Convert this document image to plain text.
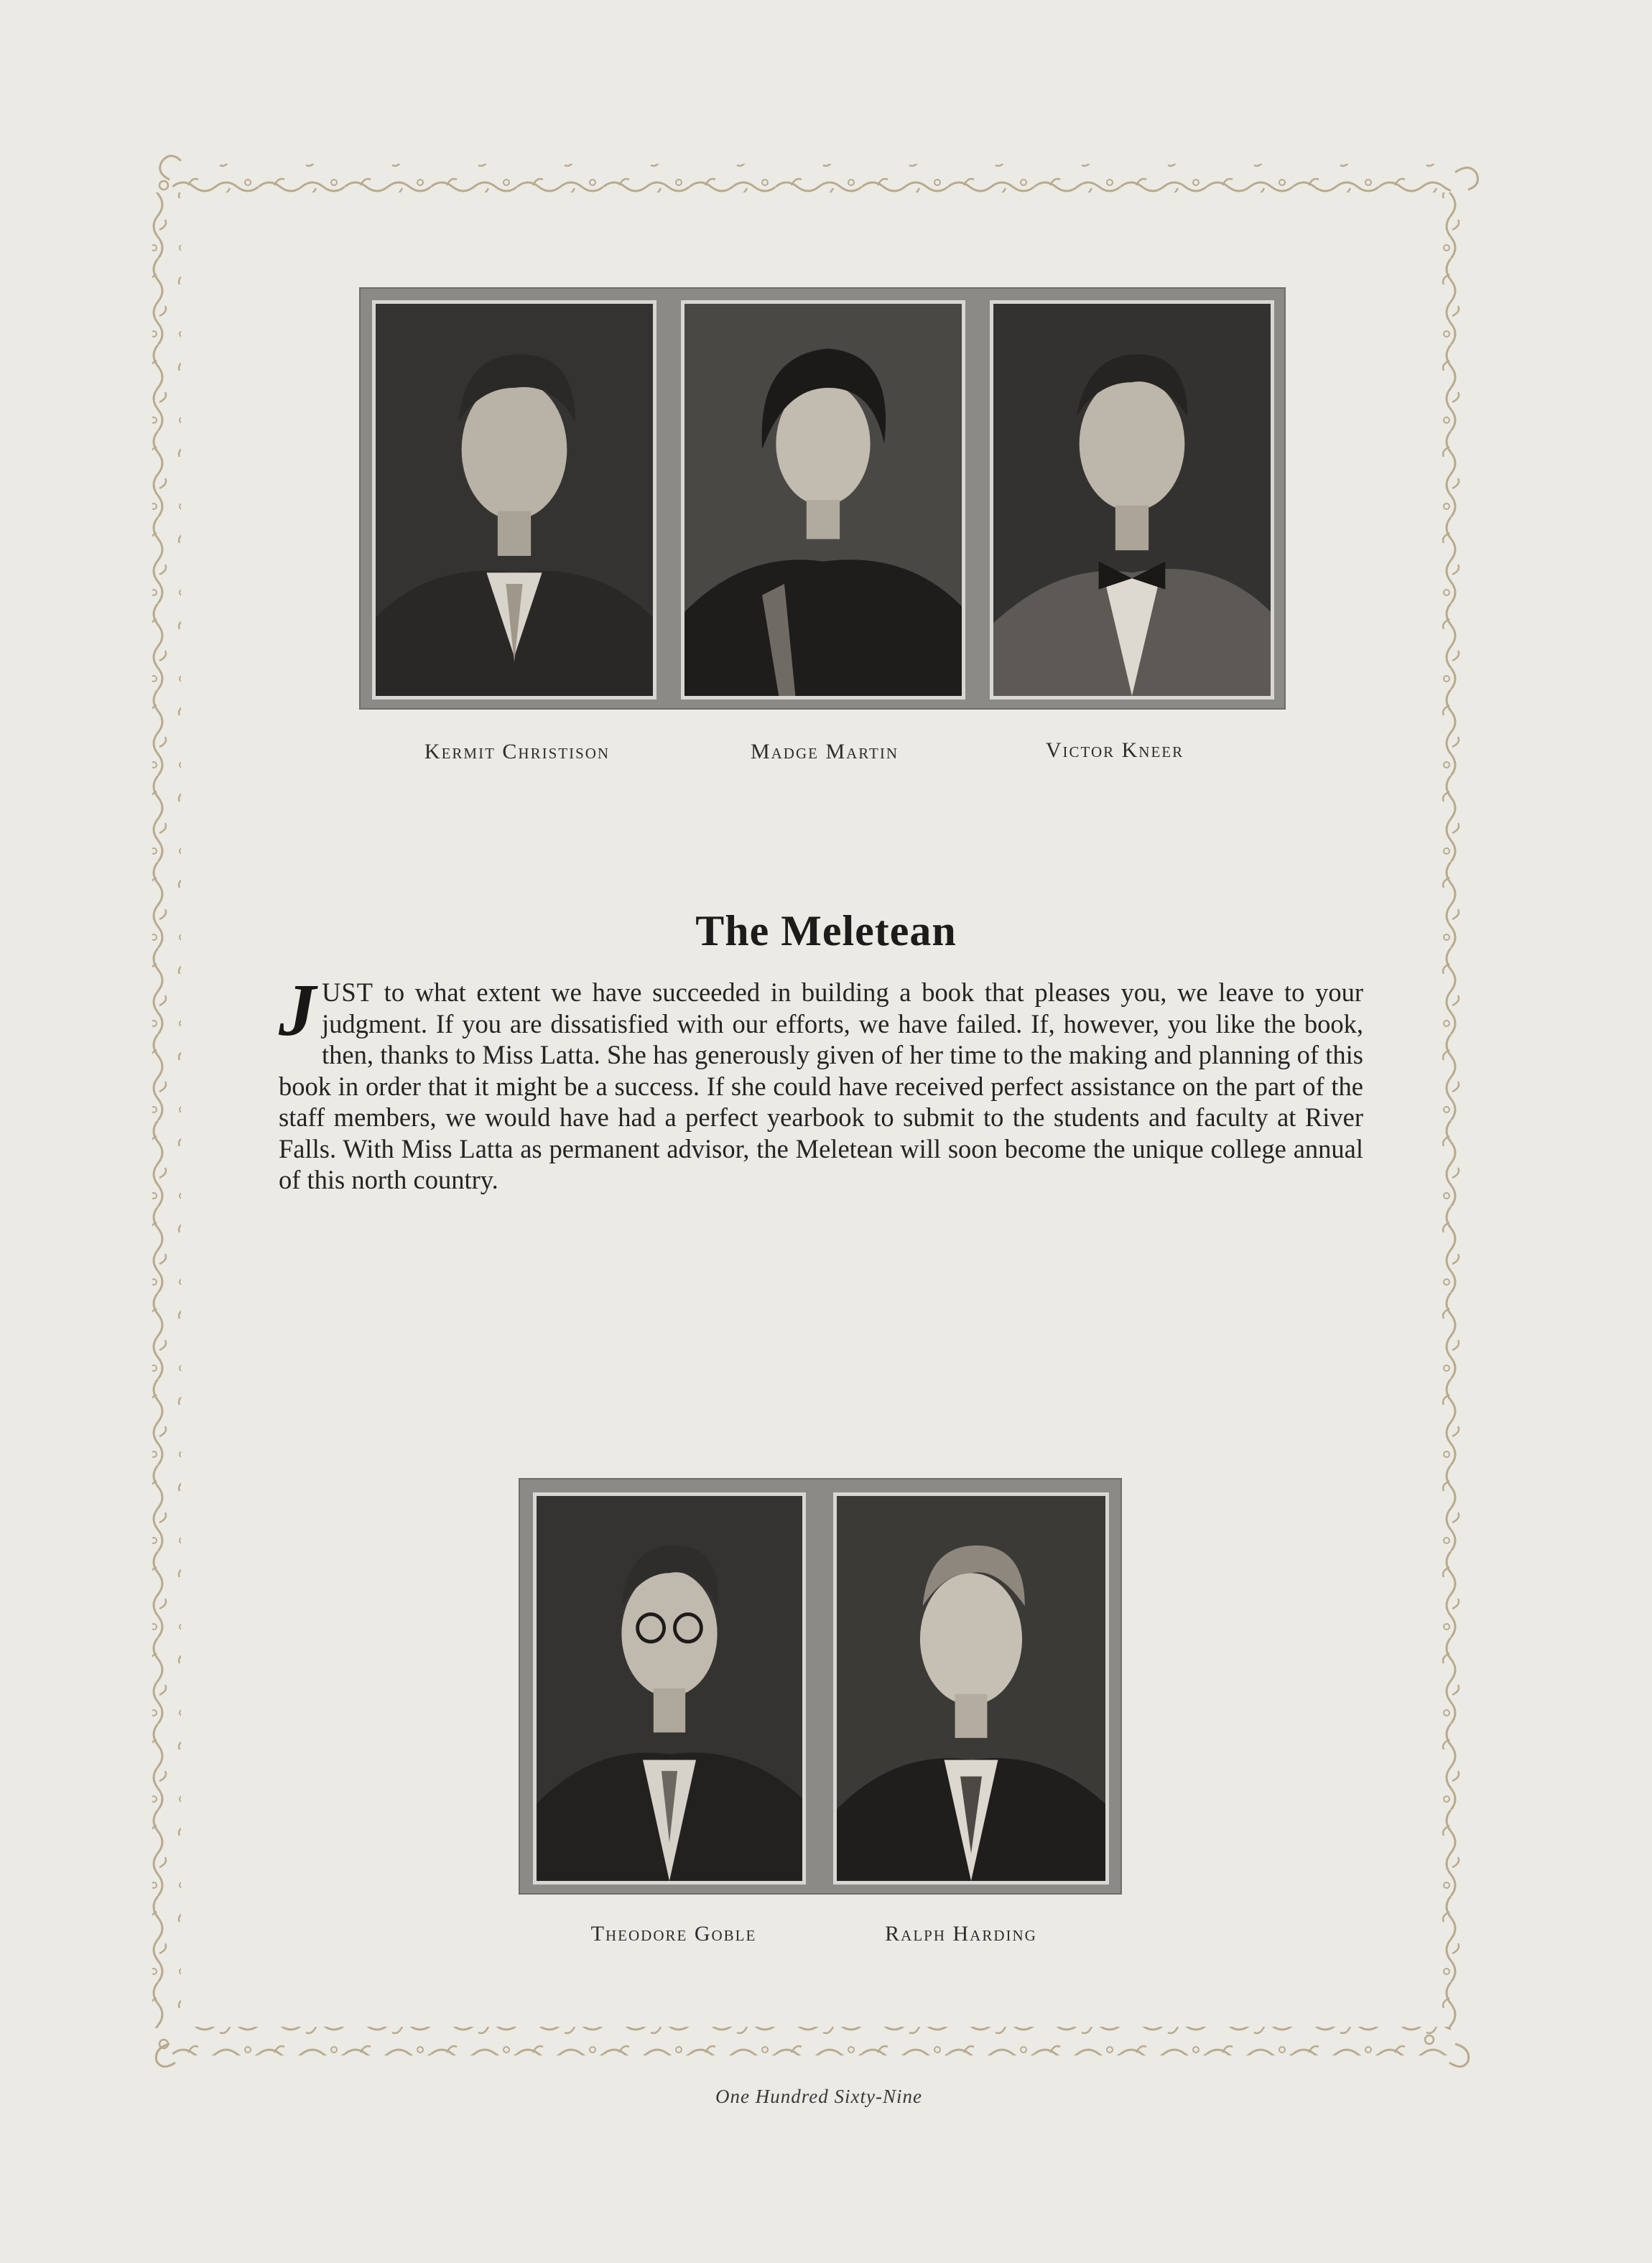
Kermit Christison	Madge Martin	Victor Kneer
The Meletean
JUST to what extent we have succeeded in building a book that pleases you, we leave to your judgment. If you are dissatisfied with our efforts, we have failed. If, however, you like the book, then, thanks to Miss Latta. She has generously given of her time to the making and planning of this book in order that it might be a success. If she could have received perfect assistance on the part of the staff members, we would have had a perfect yearbook to submit to the students and faculty at River Falls. With Miss Latta as permanent advisor, the Meletean will soon become the unique college annual of this north country.
Theodore Goble	Ralph Harding
One Hundred Sixty-Nine
